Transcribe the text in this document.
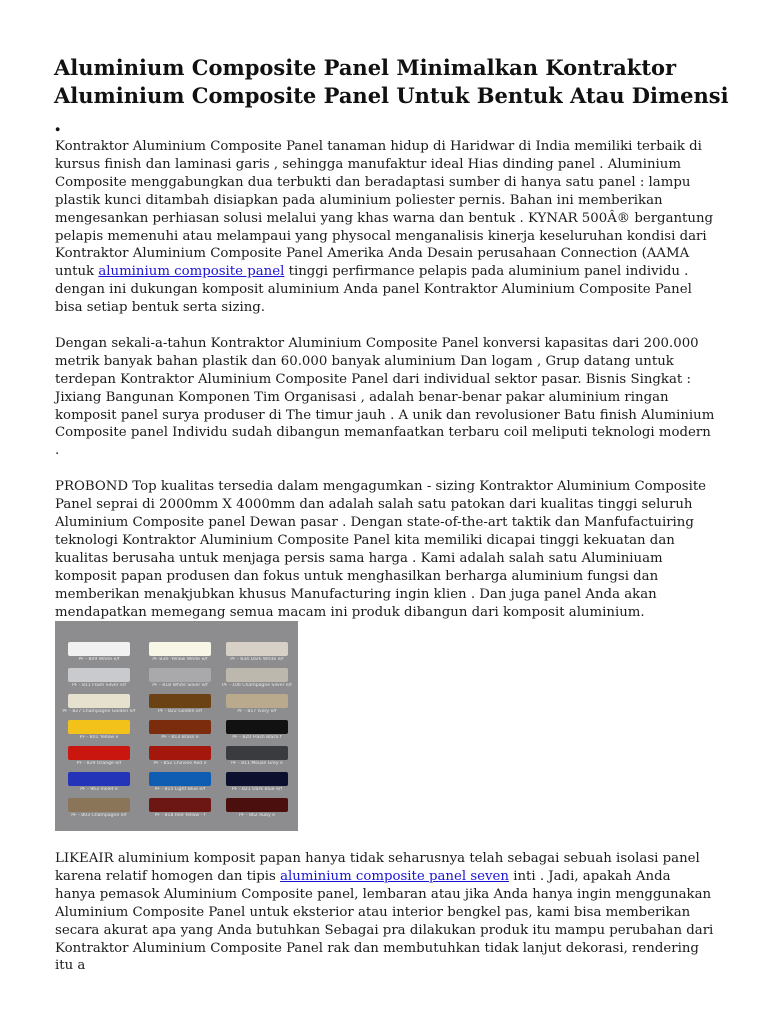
Aluminium Composite Panel Minimalkan Kontraktor Aluminium Composite Panel Untuk Bentuk Atau Dimensi .

Kontraktor Aluminium Composite Panel tanaman hidup di Haridwar di India memiliki terbaik di kursus finish dan laminasi garis , sehingga manufaktur ideal Hias dinding panel . Aluminium Composite menggabungkan dua terbukti dan beradaptasi sumber di hanya satu panel : lampu plastik kunci ditambah disiapkan pada aluminium poliester pernis. Bahan ini memberikan mengesankan perhiasan solusi melalui yang khas warna dan bentuk . KYNAR 500Â® bergantung pelapis memenuhi atau melampaui yang physocal menganalisis kinerja keseluruhan kondisi dari Kontraktor Aluminium Composite Panel Amerika Anda Desain perusahaan Connection (AAMA untuk aluminium composite panel tinggi perfirmance pelapis pada aluminium panel individu . dengan ini dukungan komposit aluminium Anda panel Kontraktor Aluminium Composite Panel bisa setiap bentuk serta sizing.

Dengan sekali-a-tahun Kontraktor Aluminium Composite Panel konversi kapasitas dari 200.000 metrik banyak bahan plastik dan 60.000 banyak aluminium Dan logam , Grup datang untuk terdepan Kontraktor Aluminium Composite Panel dari individual sektor pasar. Bisnis Singkat : Jixiang Bangunan Komponen Tim Organisasi , adalah benar-benar pakar aluminium ringan komposit panel surya produser di The timur jauh . A unik dan revolusioner Batu finish Aluminium Composite panel Individu sudah dibangun memanfaatkan terbaru coil meliputi teknologi modern .

PROBOND Top kualitas tersedia dalam mengagumkan - sizing Kontraktor Aluminium Composite Panel seprai di 2000mm X 4000mm dan adalah salah satu patokan dari kualitas tinggi seluruh Aluminium Composite panel Dewan pasar . Dengan state-of-the-art taktik dan Manfufactuiring teknologi Kontraktor Aluminium Composite Panel kita memiliki dicapai tinggi kekuatan dan kualitas berusaha untuk menjaga persis sama harga . Kami adalah salah satu Aluminiuam komposit papan produsen dan fokus untuk menghasilkan berharga aluminium fungsi dan memberikan menakjubkan khusus Manufacturing ingin klien . Dan juga panel Anda akan mendapatkan memegang semua macam ini produk dibangun dari komposit aluminium.

PF - 809 White e/f	PF 834- Yellow White e/f	PF - 834 Dark White e/f
PF - 811 Flash Silver e/f	PF - 818 White Silver e/f	PF - 106 Champagne Silver e/f
PF - 827 Champagne Golden e/f	PF - 822 Golden e/f	PF - 817 Ivory e/f
PF - 801 Yellow e	PF - 813 Brass e	PF - 820 Flash Black f
PF - 829 Orange e/f	PF - 852 Chinese Red e	PF - 811 Mouse Grey e
PF - 963 Violet e	PF - 815 Light Blue e/f	PF - 821 Dark Blue e/f
PF - 803 Champagne e/f	PF - 818 Red Yellow - f	PF - 862 Ruby e

LIKEAIR aluminium komposit papan hanya tidak seharusnya telah sebagai sebuah isolasi panel karena relatif homogen dan tipis aluminium composite panel seven inti . Jadi, apakah Anda hanya pemasok Aluminium Composite panel, lembaran atau jika Anda hanya ingin menggunakan Aluminium Composite Panel untuk eksterior atau interior bengkel pas, kami bisa memberikan secara akurat apa yang Anda butuhkan Sebagai pra dilakukan produk itu mampu perubahan dari Kontraktor Aluminium Composite Panel rak dan membutuhkan tidak lanjut dekorasi, rendering itu a
